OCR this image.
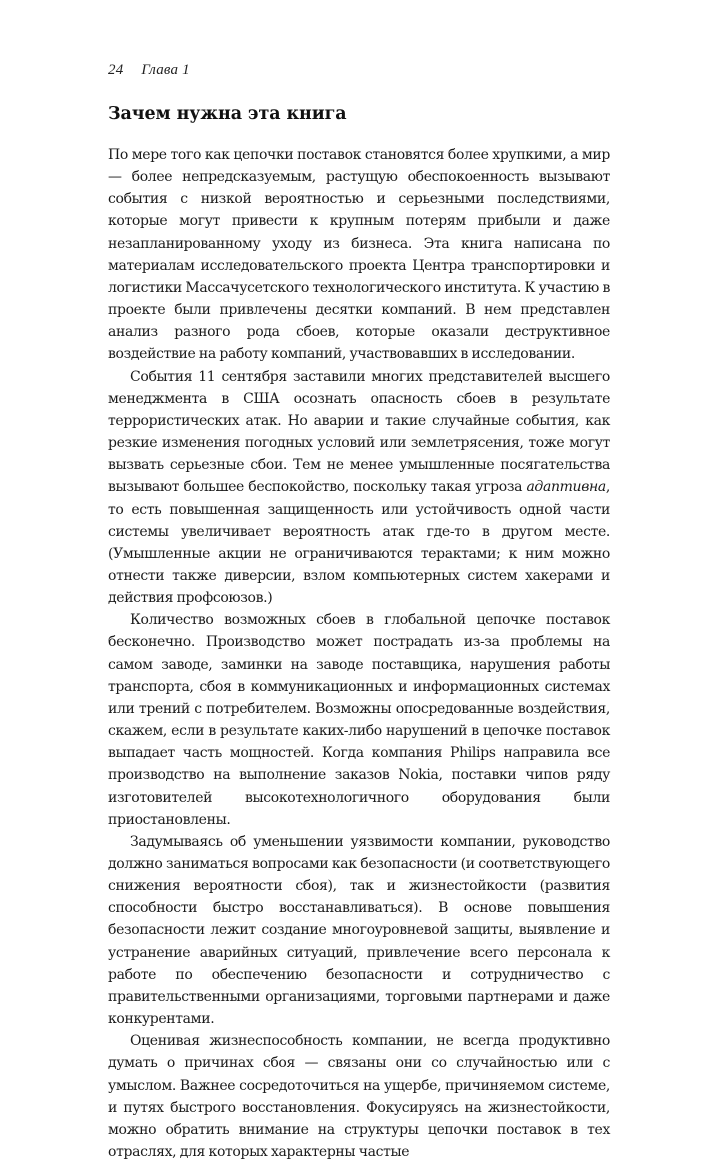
24 Глава 1
Зачем нужна эта книга

По мере того как цепочки поставок становятся более хрупкими, а мир — более непредсказуемым, растущую обеспокоенность вызывают события с низкой вероятностью и серьезными последствиями, которые могут привести к крупным потерям прибыли и даже незапланированному уходу из бизнеса. Эта книга написана по материалам исследовательского проекта Центра транспортировки и логистики Массачусетского технологического института. К участию в проекте были привлечены десятки компаний. В нем представлен анализ разного рода сбоев, которые оказали деструктивное воздействие на работу компаний, участвовавших в исследовании.

События 11 сентября заставили многих представителей высшего менеджмента в США осознать опасность сбоев в результате террористических атак. Но аварии и такие случайные события, как резкие изменения погодных условий или землетрясения, тоже могут вызвать серьезные сбои. Тем не менее умышленные посягательства вызывают большее беспокойство, поскольку такая угроза адаптивна, то есть повышенная защищенность или устойчивость одной части системы увеличивает вероятность атак где-то в другом месте. (Умышленные акции не ограничиваются терактами; к ним можно отнести также диверсии, взлом компьютерных систем хакерами и действия профсоюзов.)

Количество возможных сбоев в глобальной цепочке поставок бесконечно. Производство может пострадать из-за проблемы на самом заводе, заминки на заводе поставщика, нарушения работы транспорта, сбоя в коммуникационных и информационных системах или трений с потребителем. Возможны опосредованные воздействия, скажем, если в результате каких-либо нарушений в цепочке поставок выпадает часть мощностей. Когда компания Philips направила все производство на выполнение заказов Nokia, поставки чипов ряду изготовителей высокотехнологичного оборудования были приостановлены.

Задумываясь об уменьшении уязвимости компании, руководство должно заниматься вопросами как безопасности (и соответствующего снижения вероятности сбоя), так и жизнестойкости (развития способности быстро восстанавливаться). В основе повышения безопасности лежит создание многоуровневой защиты, выявление и устранение аварийных ситуаций, привлечение всего персонала к работе по обеспечению безопасности и сотрудничество с правительственными организациями, торговыми партнерами и даже конкурентами.

Оценивая жизнеспособность компании, не всегда продуктивно думать о причинах сбоя — связаны они со случайностью или с умыслом. Важнее сосредоточиться на ущербе, причиняемом системе, и путях быстрого восстановления. Фокусируясь на жизнестойкости, можно обратить внимание на структуры цепочки поставок в тех отраслях, для которых характерны частые
